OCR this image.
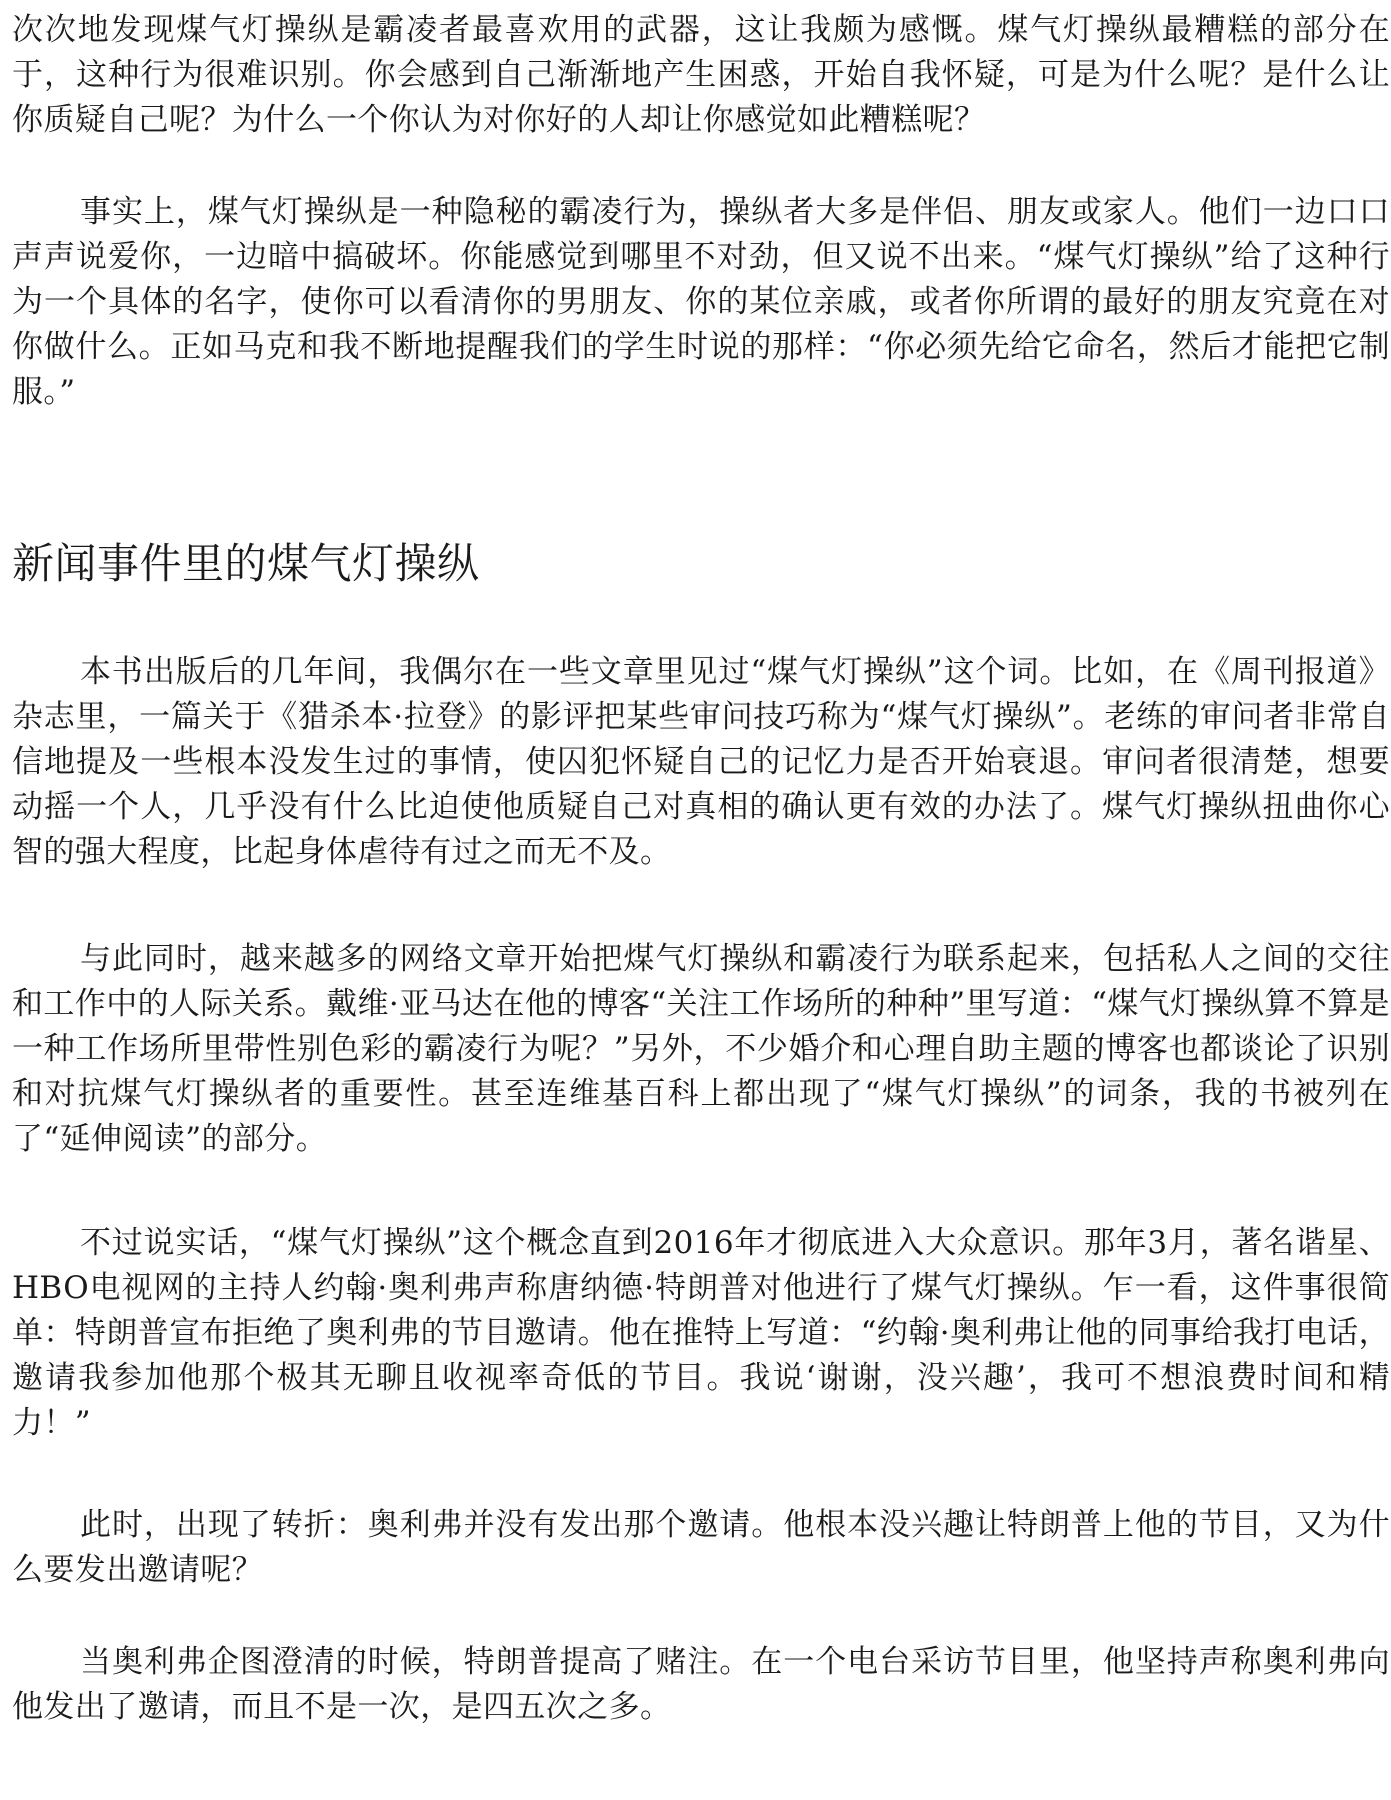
次次地发现煤气灯操纵是霸凌者最喜欢用的武器，这让我颇为感慨。煤气灯操纵最糟糕的部分在于，这种行为很难识别。你会感到自己渐渐地产生困惑，开始自我怀疑，可是为什么呢？是什么让你质疑自己呢？为什么一个你认为对你好的人却让你感觉如此糟糕呢？

事实上，煤气灯操纵是一种隐秘的霸凌行为，操纵者大多是伴侣、朋友或家人。他们一边口口声声说爱你，一边暗中搞破坏。你能感觉到哪里不对劲，但又说不出来。“煤气灯操纵”给了这种行为一个具体的名字，使你可以看清你的男朋友、你的某位亲戚，或者你所谓的最好的朋友究竟在对你做什么。正如马克和我不断地提醒我们的学生时说的那样：“你必须先给它命名，然后才能把它制服。”

新闻事件里的煤气灯操纵

本书出版后的几年间，我偶尔在一些文章里见过“煤气灯操纵”这个词。比如，在《周刊报道》杂志里，一篇关于《猎杀本·拉登》的影评把某些审问技巧称为“煤气灯操纵”。老练的审问者非常自信地提及一些根本没发生过的事情，使囚犯怀疑自己的记忆力是否开始衰退。审问者很清楚，想要动摇一个人，几乎没有什么比迫使他质疑自己对真相的确认更有效的办法了。煤气灯操纵扭曲你心智的强大程度，比起身体虐待有过之而无不及。

与此同时，越来越多的网络文章开始把煤气灯操纵和霸凌行为联系起来，包括私人之间的交往和工作中的人际关系。戴维·亚马达在他的博客“关注工作场所的种种”里写道：“煤气灯操纵算不算是一种工作场所里带性别色彩的霸凌行为呢？”另外，不少婚介和心理自助主题的博客也都谈论了识别和对抗煤气灯操纵者的重要性。甚至连维基百科上都出现了“煤气灯操纵”的词条，我的书被列在了“延伸阅读”的部分。

不过说实话，“煤气灯操纵”这个概念直到2016年才彻底进入大众意识。那年3月，著名谐星、HBO电视网的主持人约翰·奥利弗声称唐纳德·特朗普对他进行了煤气灯操纵。乍一看，这件事很简单：特朗普宣布拒绝了奥利弗的节目邀请。他在推特上写道：“约翰·奥利弗让他的同事给我打电话，邀请我参加他那个极其无聊且收视率奇低的节目。我说‘谢谢，没兴趣’，我可不想浪费时间和精力！”

此时，出现了转折：奥利弗并没有发出那个邀请。他根本没兴趣让特朗普上他的节目，又为什么要发出邀请呢？

当奥利弗企图澄清的时候，特朗普提高了赌注。在一个电台采访节目里，他坚持声称奥利弗向他发出了邀请，而且不是一次，是四五次之多。
